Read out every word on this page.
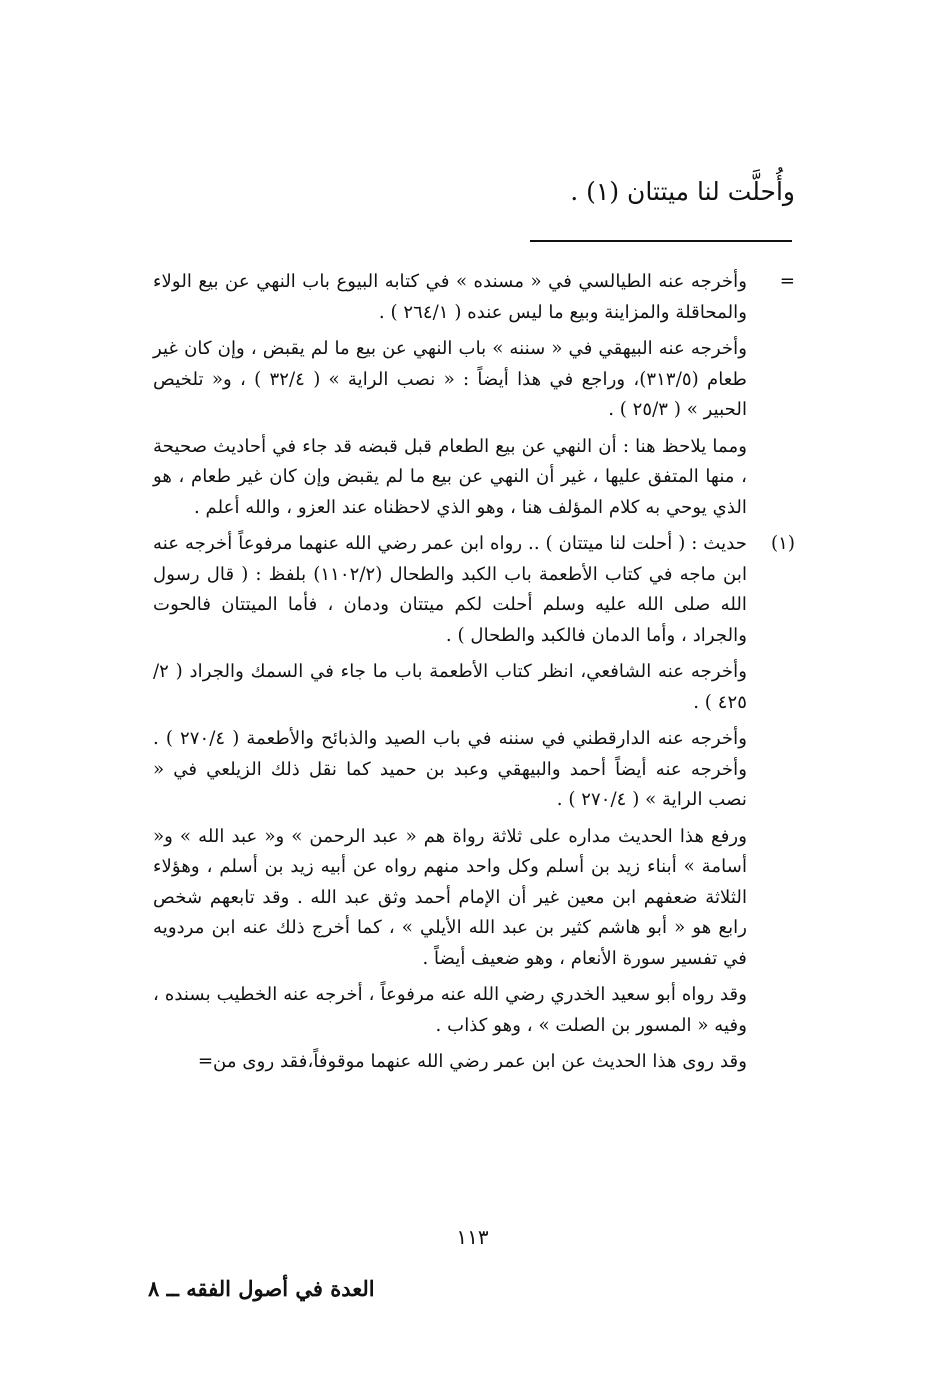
وأُحلَّت لنا ميتتان (١) .
=

وأخرجه عنه الطيالسي في « مسنده » في كتابه البيوع باب النهي عن بيع الولاء والمحاقلة والمزاينة وبيع ما ليس عنده ( ٢٦٤/١ ) .

وأخرجه عنه البيهقي في « سننه » باب النهي عن بيع ما لم يقبض ، وإن كان غير طعام (٣١٣/٥)، وراجع في هذا أيضاً : « نصب الراية » ( ٣٢/٤ ) ، و« تلخيص الحبير » ( ٢٥/٣ ) .

ومما يلاحظ هنا : أن النهي عن بيع الطعام قبل قبضه قد جاء في أحاديث صحيحة ، منها المتفق عليها ، غير أن النهي عن بيع ما لم يقبض وإن كان غير طعام ، هو الذي يوحي به كلام المؤلف هنا ، وهو الذي لاحظناه عند العزو ، والله أعلم .

(١)

حديث : ( أحلت لنا ميتتان ) .. رواه ابن عمر رضي الله عنهما مرفوعاً أخرجه عنه ابن ماجه في كتاب الأطعمة باب الكبد والطحال (١١٠٢/٢) بلفظ : ( قال رسول الله صلى الله عليه وسلم أحلت لكم ميتتان ودمان ، فأما الميتتان فالحوت والجراد ، وأما الدمان فالكبد والطحال ) .

وأخرجه عنه الشافعي، انظر كتاب الأطعمة باب ما جاء في السمك والجراد ( ٢/ ٤٢٥ ) .

وأخرجه عنه الدارقطني في سننه في باب الصيد والذبائح والأطعمة ( ٢٧٠/٤ ) . وأخرجه عنه أيضاً أحمد والبيهقي وعبد بن حميد كما نقل ذلك الزيلعي في « نصب الراية » ( ٢٧٠/٤ ) .

ورفع هذا الحديث مداره على ثلاثة رواة هم « عبد الرحمن » و« عبد الله » و« أسامة » أبناء زيد بن أسلم وكل واحد منهم رواه عن أبيه زيد بن أسلم ، وهؤلاء الثلاثة ضعفهم ابن معين غير أن الإمام أحمد وثق عبد الله . وقد تابعهم شخص رابع هو « أبو هاشم كثير بن عبد الله الأيلي » ، كما أخرج ذلك عنه ابن مردويه في تفسير سورة الأنعام ، وهو ضعيف أيضاً .

وقد رواه أبو سعيد الخدري رضي الله عنه مرفوعاً ، أخرجه عنه الخطيب بسنده ، وفيه « المسور بن الصلت » ، وهو كذاب .

وقد روى هذا الحديث عن ابن عمر رضي الله عنهما موقوفاً،فقد روى من=

١١٣
العدة في أصول الفقه ــ ٨
